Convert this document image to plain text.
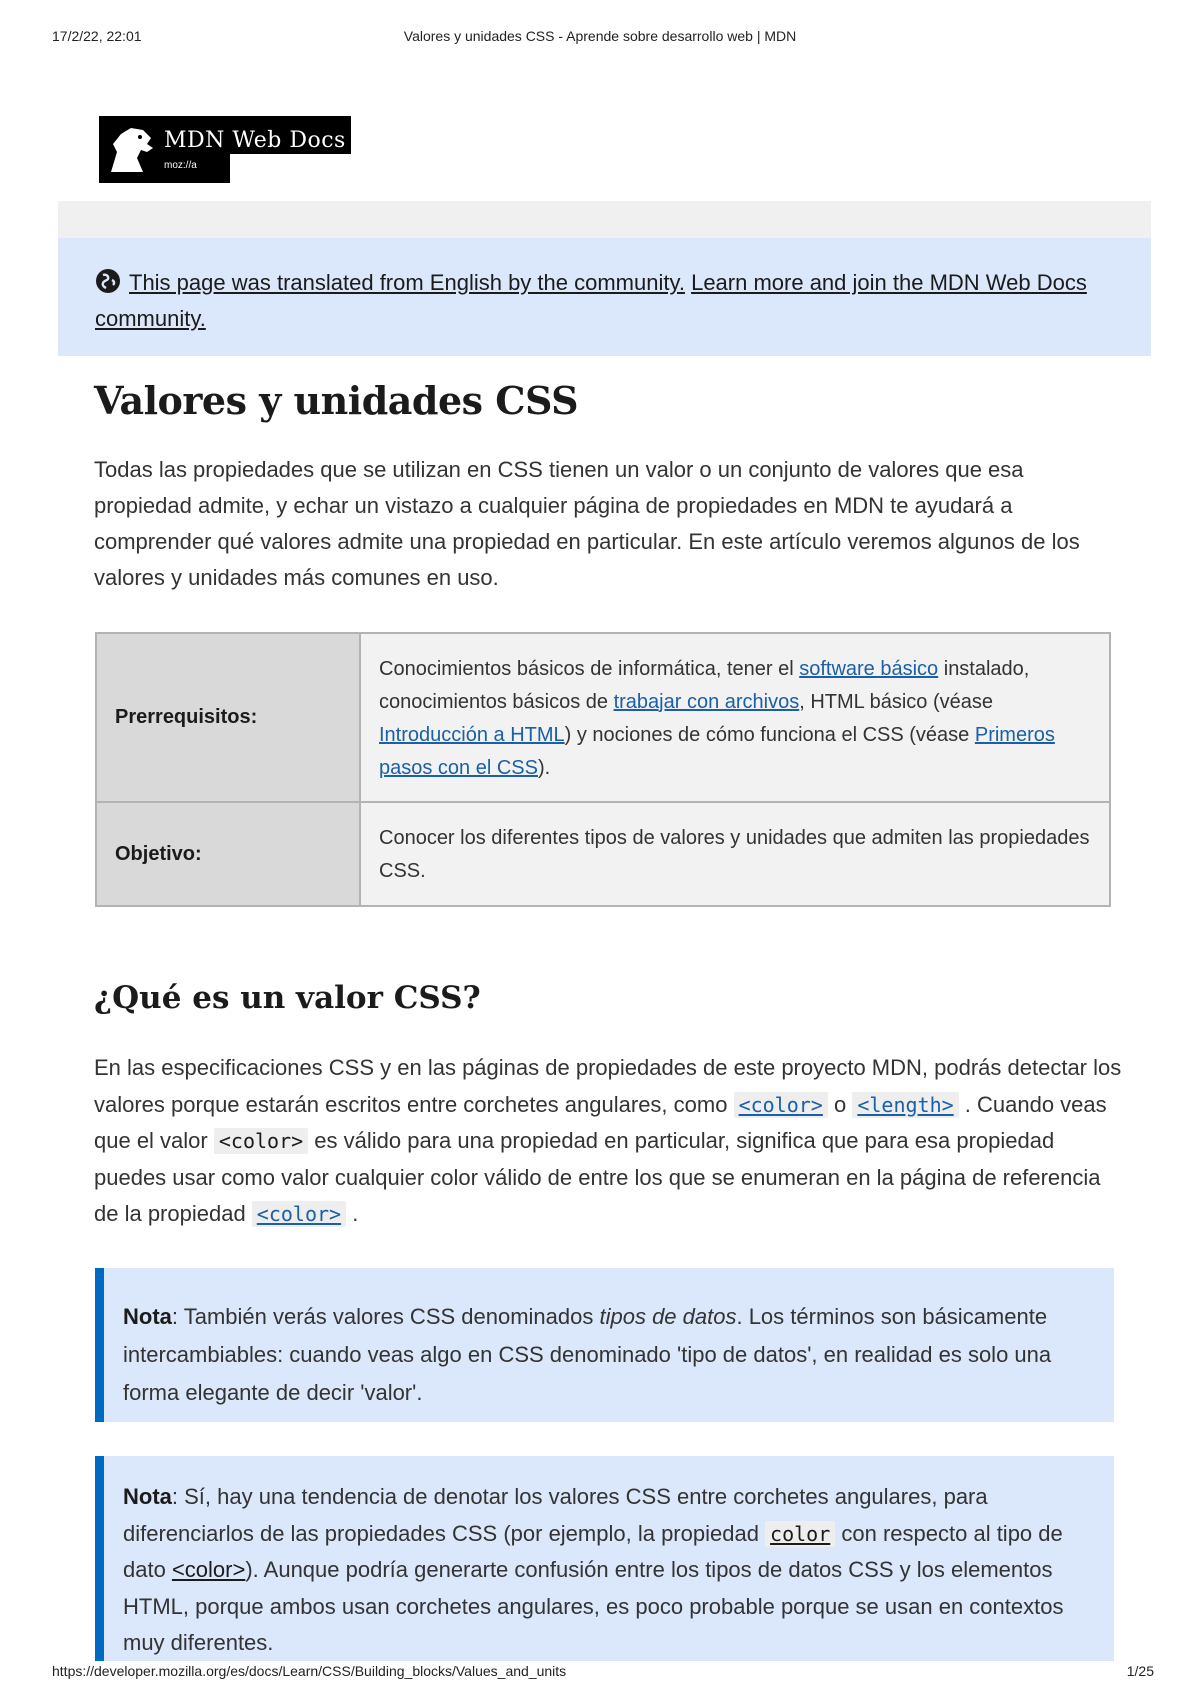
17/2/22, 22:01	Valores y unidades CSS - Aprende sobre desarrollo web | MDN
MDN Web Docs
moz://a
This page was translated from English by the community. Learn more and join the MDN Web Docs community.
Valores y unidades CSS

Todas las propiedades que se utilizan en CSS tienen un valor o un conjunto de valores que esa propiedad admite, y echar un vistazo a cualquier página de propiedades en MDN te ayudará a comprender qué valores admite una propiedad en particular. En este artículo veremos algunos de los valores y unidades más comunes en uso.

Prerrequisitos:	Conocimientos básicos de informática, tener el software básico instalado, conocimientos básicos de trabajar con archivos, HTML básico (véase Introducción a HTML) y nociones de cómo funciona el CSS (véase Primeros pasos con el CSS).
Objetivo:	Conocer los diferentes tipos de valores y unidades que admiten las propiedades CSS.
¿Qué es un valor CSS?

En las especificaciones CSS y en las páginas de propiedades de este proyecto MDN, podrás detectar los valores porque estarán escritos entre corchetes angulares, como <color> o <length> . Cuando veas que el valor <color> es válido para una propiedad en particular, significa que para esa propiedad puedes usar como valor cualquier color válido de entre los que se enumeran en la página de referencia de la propiedad <color> .

Nota: También verás valores CSS denominados tipos de datos. Los términos son básicamente intercambiables: cuando veas algo en CSS denominado 'tipo de datos', en realidad es solo una forma elegante de decir 'valor'.
Nota: Sí, hay una tendencia de denotar los valores CSS entre corchetes angulares, para diferenciarlos de las propiedades CSS (por ejemplo, la propiedad color con respecto al tipo de dato <color>). Aunque podría generarte confusión entre los tipos de datos CSS y los elementos HTML, porque ambos usan corchetes angulares, es poco probable porque se usan en contextos muy diferentes.
https://developer.mozilla.org/es/docs/Learn/CSS/Building_blocks/Values_and_units	1/25
